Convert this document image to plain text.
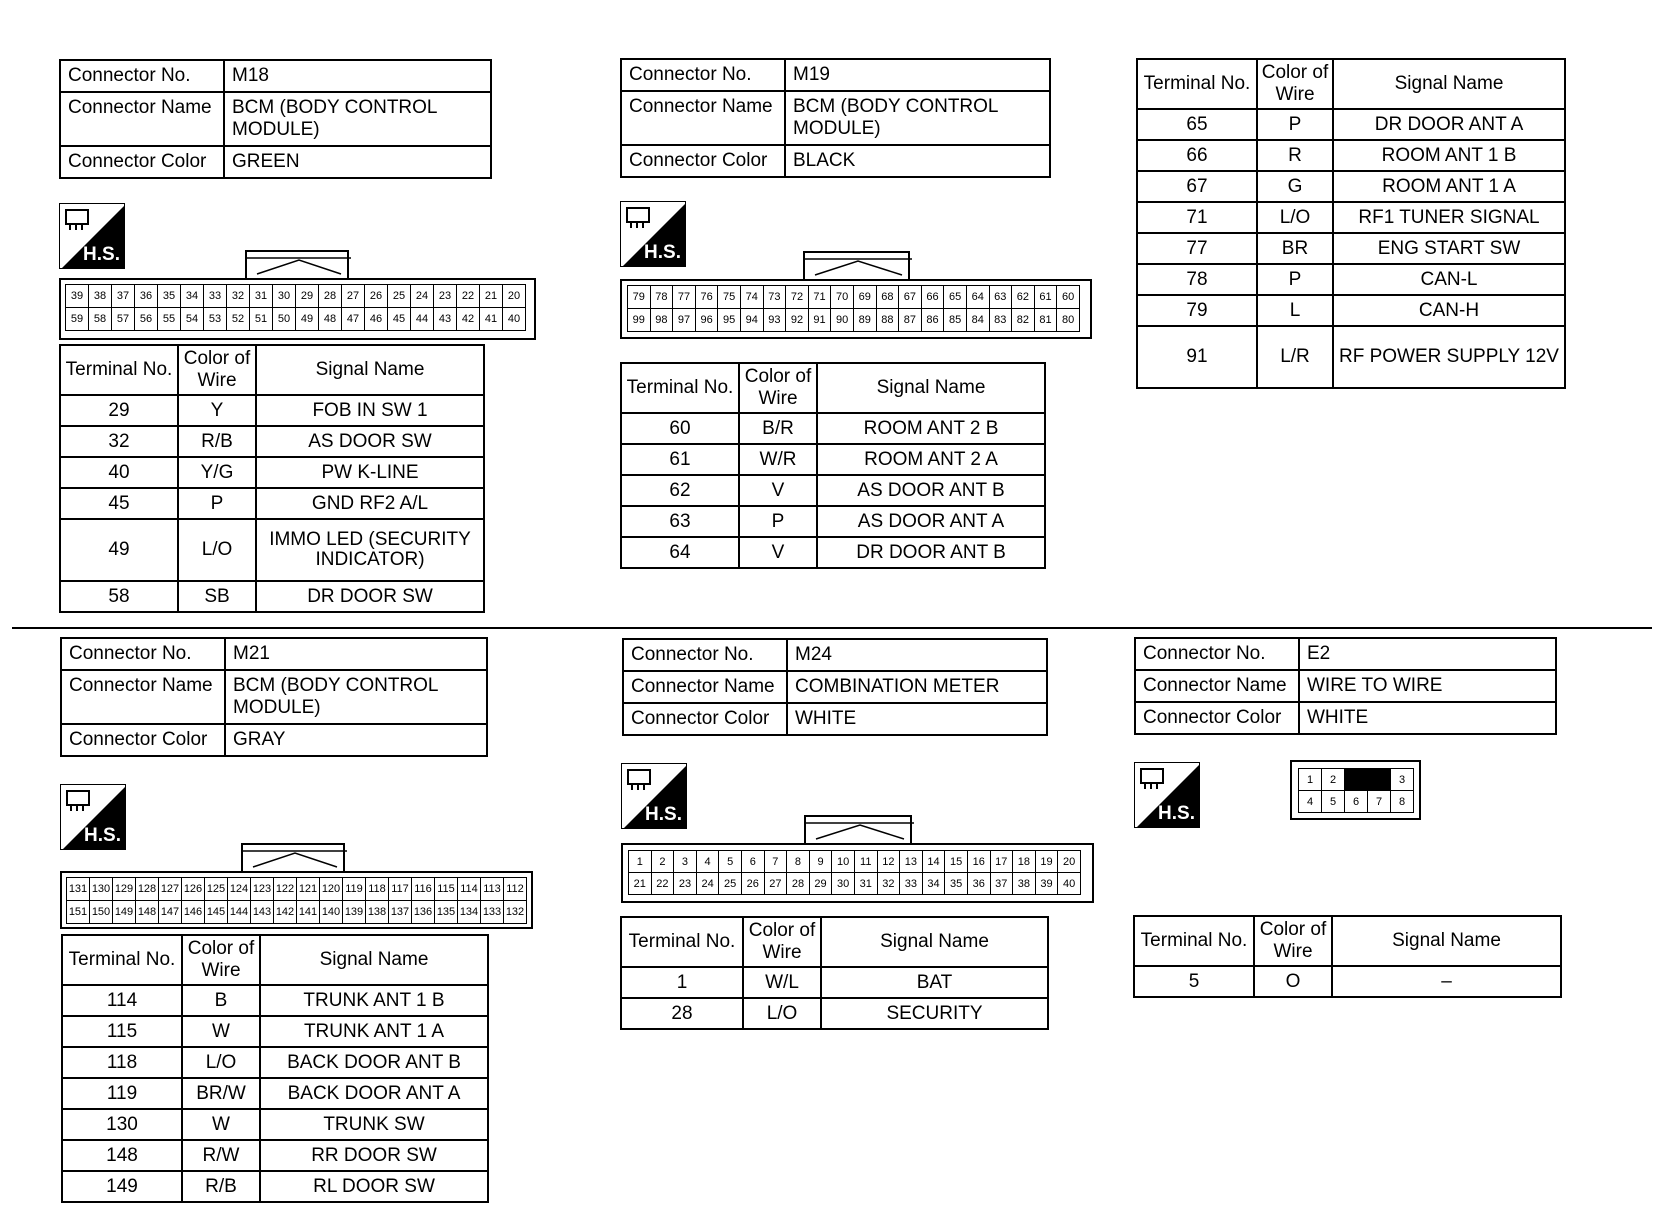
Connector No.	M18
Connector Name	BCM (BODY CONTROL MODULE)
Connector Color	GREEN
H.S.
39 38 37 36 35 34 33 32 31 30 29 28 27 26 25 24 23 22 21 20
59 58 57 56 55 54 53 52 51 50 49 48 47 46 45 44 43 42 41 40
Terminal No.	Color of Wire	Signal Name
29	Y	FOB IN SW 1
32	R/B	AS DOOR SW
40	Y/G	PW K-LINE
45	P	GND RF2 A/L
49	L/O	IMMO LED (SECURITY INDICATOR)
58	SB	DR DOOR SW
Connector No.	M19
Connector Name	BCM (BODY CONTROL MODULE)
Connector Color	BLACK
H.S.
79 78 77 76 75 74 73 72 71 70 69 68 67 66 65 64 63 62 61 60
99 98 97 96 95 94 93 92 91 90 89 88 87 86 85 84 83 82 81 80
Terminal No.	Color of Wire	Signal Name
60	B/R	ROOM ANT 2 B
61	W/R	ROOM ANT 2 A
62	V	AS DOOR ANT B
63	P	AS DOOR ANT A
64	V	DR DOOR ANT B
Terminal No.	Color of Wire	Signal Name
65	P	DR DOOR ANT A
66	R	ROOM ANT 1 B
67	G	ROOM ANT 1 A
71	L/O	RF1 TUNER SIGNAL
77	BR	ENG START SW
78	P	CAN-L
79	L	CAN-H
91	L/R	RF POWER SUPPLY 12V
Connector No.	M21
Connector Name	BCM (BODY CONTROL MODULE)
Connector Color	GRAY
H.S.
131 130 129 128 127 126 125 124 123 122 121 120 119 118 117 116 115 114 113 112
151 150 149 148 147 146 145 144 143 142 141 140 139 138 137 136 135 134 133 132
Terminal No.	Color of Wire	Signal Name
114	B	TRUNK ANT 1 B
115	W	TRUNK ANT 1 A
118	L/O	BACK DOOR ANT B
119	BR/W	BACK DOOR ANT A
130	W	TRUNK SW
148	R/W	RR DOOR SW
149	R/B	RL DOOR SW
Connector No.	M24
Connector Name	COMBINATION METER
Connector Color	WHITE
H.S.
1	2	3	4	5	6	7	8	9	10 11 12 13 14 15 16 17 18 19 20
21 22 23 24 25 26 27 28 29 30 31 32 33 34 35 36 37 38 39 40
Terminal No.	Color of Wire	Signal Name
1	W/L	BAT
28	L/O	SECURITY
Connector No.	E2
Connector Name	WIRE TO WIRE
Connector Color	WHITE
H.S.
1	2	3
4	5	6	7	8
Terminal No.	Color of Wire	Signal Name
5	O	–
